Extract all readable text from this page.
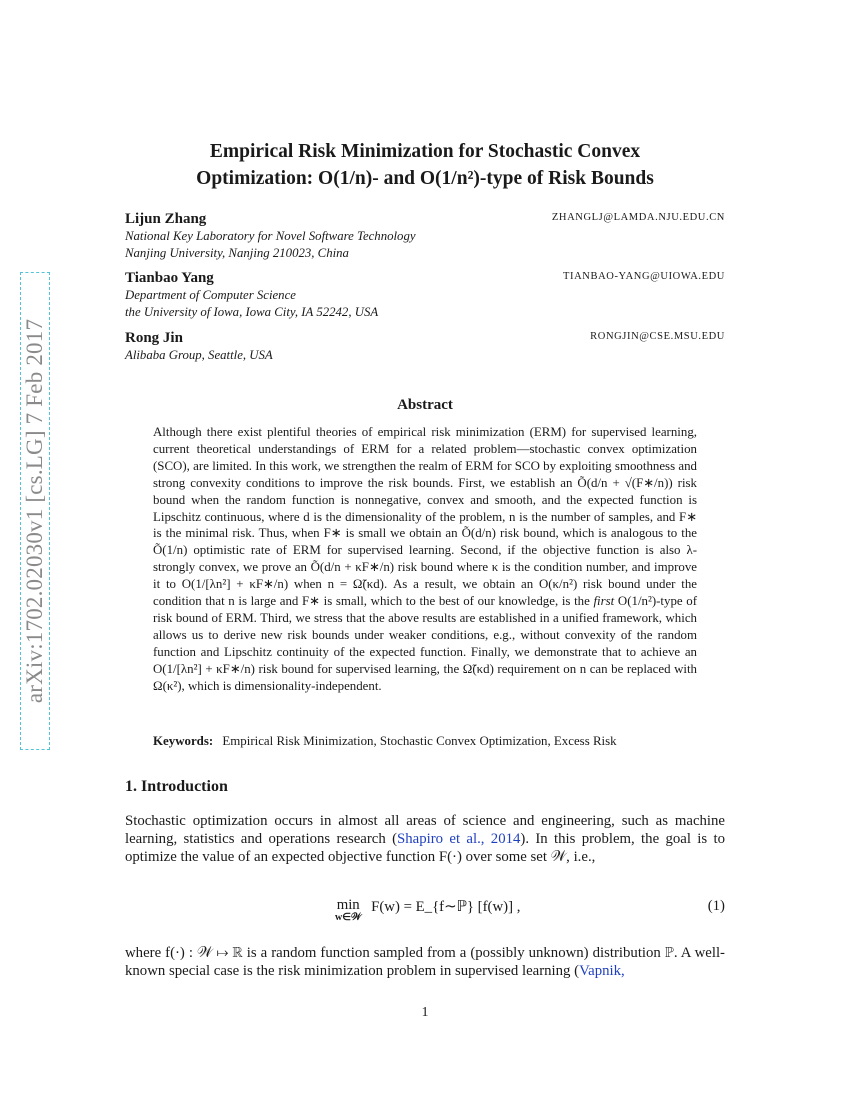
arXiv:1702.02030v1 [cs.LG] 7 Feb 2017
Empirical Risk Minimization for Stochastic Convex
Optimization: O(1/n)- and O(1/n²)-type of Risk Bounds
Lijun Zhang	ZHANGLJ@LAMDA.NJU.EDU.CN
National Key Laboratory for Novel Software Technology
Nanjing University, Nanjing 210023, China
Tianbao Yang	TIANBAO-YANG@UIOWA.EDU
Department of Computer Science
the University of Iowa, Iowa City, IA 52242, USA
Rong Jin	RONGJIN@CSE.MSU.EDU
Alibaba Group, Seattle, USA
Abstract
Although there exist plentiful theories of empirical risk minimization (ERM) for supervised learning, current theoretical understandings of ERM for a related problem—stochastic convex optimization (SCO), are limited. In this work, we strengthen the realm of ERM for SCO by exploiting smoothness and strong convexity conditions to improve the risk bounds. First, we establish an Õ(d/n + √(F∗/n)) risk bound when the random function is nonnegative, convex and smooth, and the expected function is Lipschitz continuous, where d is the dimensionality of the problem, n is the number of samples, and F∗ is the minimal risk. Thus, when F∗ is small we obtain an Õ(d/n) risk bound, which is analogous to the Õ(1/n) optimistic rate of ERM for supervised learning. Second, if the objective function is also λ-strongly convex, we prove an Õ(d/n + κF∗/n) risk bound where κ is the condition number, and improve it to O(1/[λn²] + κF∗/n) when n = Ω̃(κd). As a result, we obtain an O(κ/n²) risk bound under the condition that n is large and F∗ is small, which to the best of our knowledge, is the first O(1/n²)-type of risk bound of ERM. Third, we stress that the above results are established in a unified framework, which allows us to derive new risk bounds under weaker conditions, e.g., without convexity of the random function and Lipschitz continuity of the expected function. Finally, we demonstrate that to achieve an O(1/[λn²] + κF∗/n) risk bound for supervised learning, the Ω̃(κd) requirement on n can be replaced with Ω(κ²), which is dimensionality-independent.
Keywords: Empirical Risk Minimization, Stochastic Convex Optimization, Excess Risk
1. Introduction
Stochastic optimization occurs in almost all areas of science and engineering, such as machine learning, statistics and operations research (Shapiro et al., 2014). In this problem, the goal is to optimize the value of an expected objective function F(·) over some set 𝒲, i.e.,
min
w∈𝒲
F(w) = E_{f∼ℙ} [f(w)] ,	(1)
where f(·) : 𝒲 ↦ ℝ is a random function sampled from a (possibly unknown) distribution ℙ. A well-known special case is the risk minimization problem in supervised learning (Vapnik,
1
